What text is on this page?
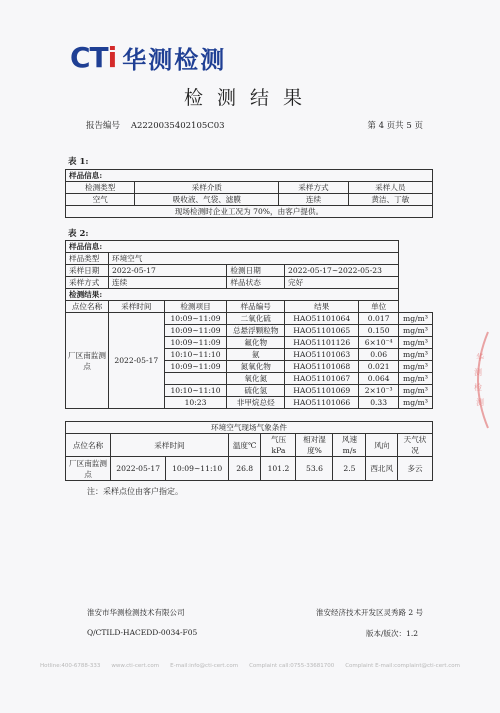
CTi 华测检测
检测结果
报告编号 A2220035402105C03	第 4 页共 5 页
表 1:
样品信息:			
检测类型	采样介质	采样方式	采样人员
空气	吸收液、气袋、滤膜	连续	黄洁、丁敏
现场检测时企业工况为 70%，由客户提供。			
表 2:
样品信息:						
样品类型	环境空气					
采样日期	2022-05-17		检测日期	2022-05-17~2022-05-23		
采样方式	连续		样品状态	完好		
检测结果:						
点位名称	采样时间	检测项目	样品编号	结果	单位	
厂区南监测点	2022-05-17	10:09~11:09	二氧化硫	HAO51101064	0.017	mg/m³
		10:09~11:09	总悬浮颗粒物	HAO51101065	0.150	mg/m³
		10:09~11:09	氟化物	HAO51101126	6×10⁻⁴	mg/m³
		10:10~11:10	氨	HAO51101063	0.06	mg/m³
		10:09~11:09	氮氧化物	HAO51101068	0.021	mg/m³
			氧化氮	HAO51101067	0.064	mg/m³
		10:10~11:10	硫化氢	HAO51101069	2×10⁻³	mg/m³
		10:23	非甲烷总烃	HAO51101066	0.33	mg/m³
环境空气现场气象条件								
点位名称	采样时间		温度℃	气压 kPa	相对湿度%	风速 m/s	风向	天气状况
厂区南监测点	2022-05-17	10:09~11:10	26.8	101.2	53.6	2.5	西北风	多云
注：采样点位由客户指定。
华
测
检
测
淮安市华测检测技术有限公司	淮安经济技术开发区灵秀路 2 号
Q/CTILD-HACEDD-0034-F05	版本/版次：1.2
Hotline:400-6788-333 www.cti-cert.com E-mail:info@cti-cert.com Complaint call:0755-33681700 Complaint E-mail:complaint@cti-cert.com
